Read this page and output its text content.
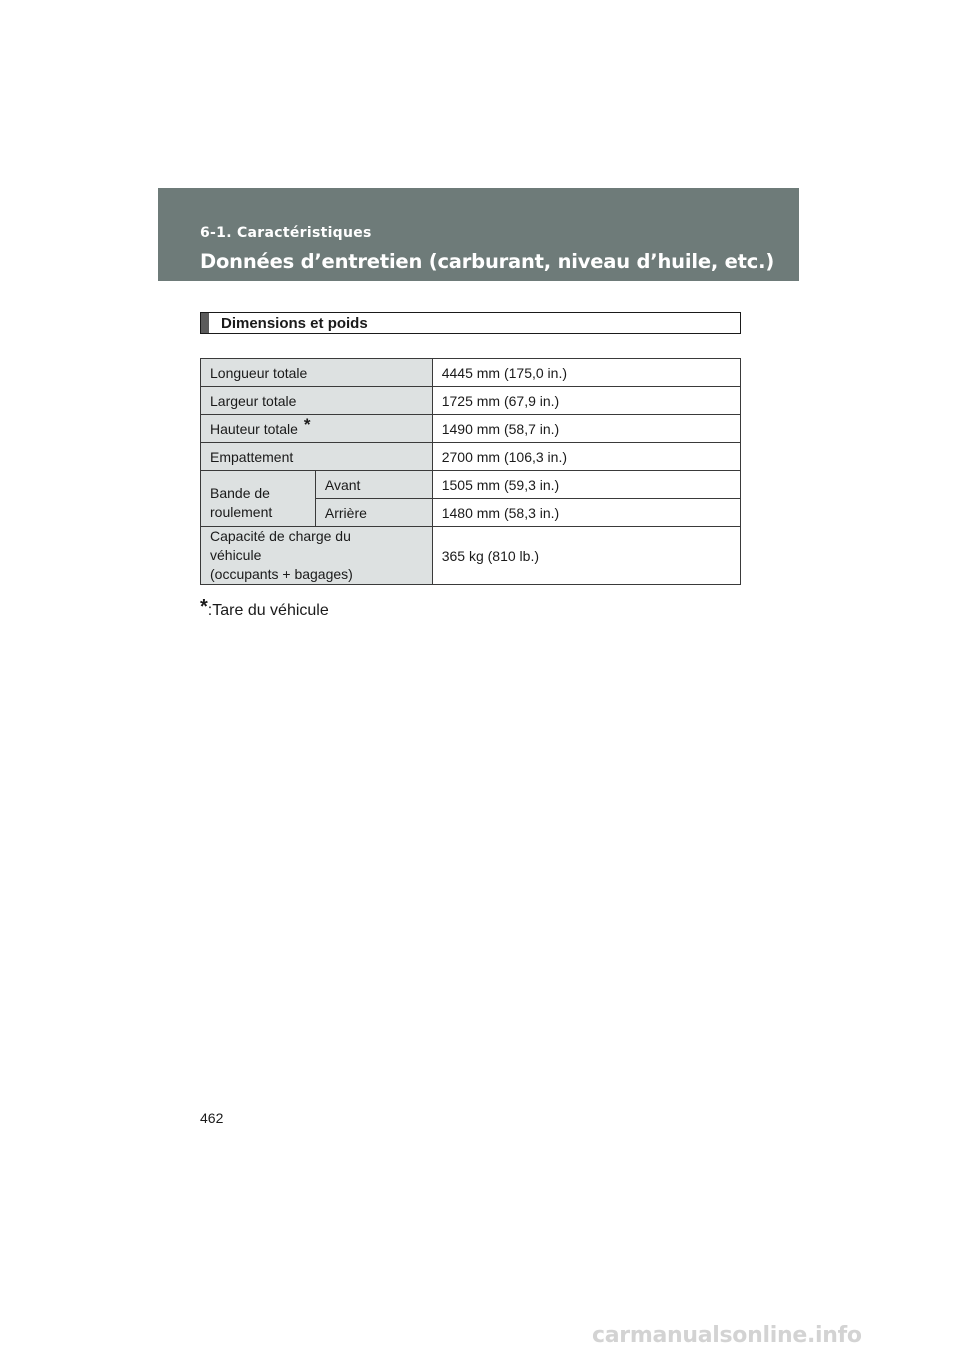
6-1. Caractéristiques
Données d’entretien (carburant, niveau d’huile, etc.)
Dimensions et poids
Longueur totale		4445 mm (175,0 in.)
Largeur totale		1725 mm (67,9 in.)
Hauteur totale *		1490 mm (58,7 in.)
Empattement		2700 mm (106,3 in.)
Bande de roulement	Avant	1505 mm (59,3 in.)
	Arrière	1480 mm (58,3 in.)

Capacité de charge du
véhicule
(occupants + bagages)		365 kg (810 lb.)
*:Tare du véhicule
462
carmanualsonline.info
